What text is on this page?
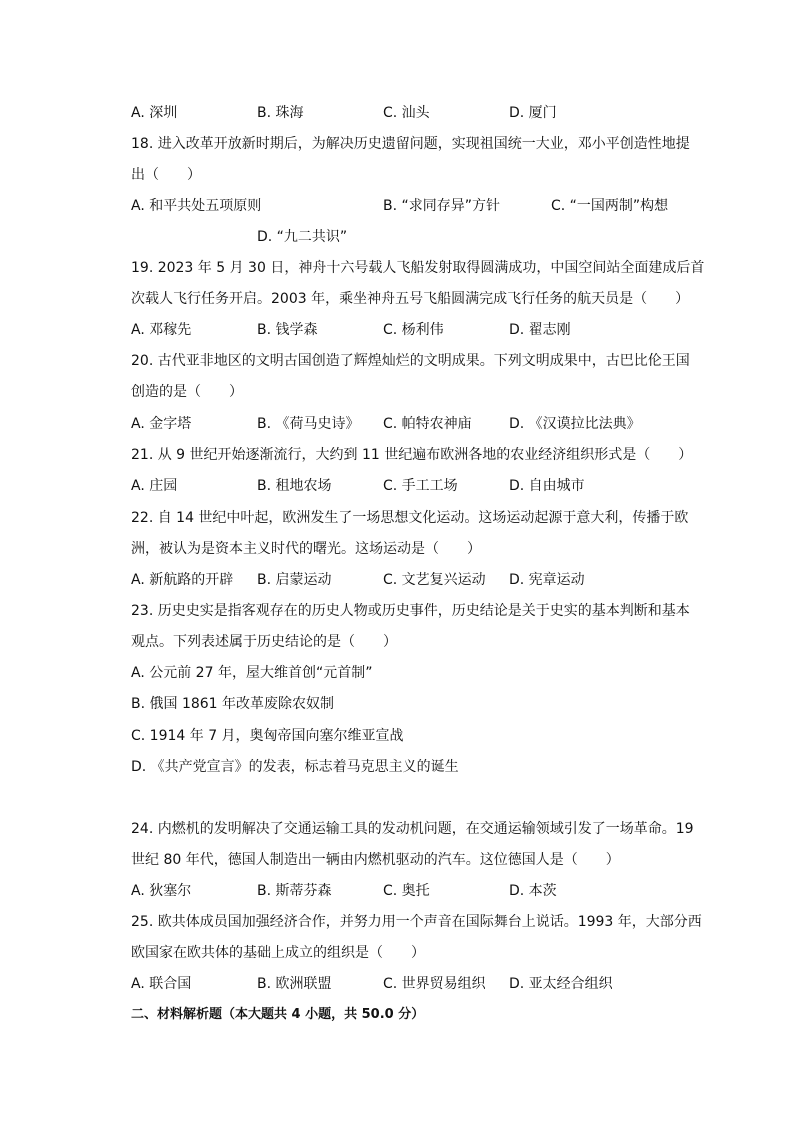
A. 深圳	B. 珠海	C. 汕头	D. 厦门
18. 进入改革开放新时期后，为解决历史遗留问题，实现祖国统一大业，邓小平创造性地提
出（　　）
A. 和平共处五项原则	B. “求同存异”方针	C. “一国两制”构想
D. “九二共识”
19. 2023 年 5 月 30 日，神舟十六号载人飞船发射取得圆满成功，中国空间站全面建成后首
次载人飞行任务开启。2003 年，乘坐神舟五号飞船圆满完成飞行任务的航天员是（　　）
A. 邓稼先	B. 钱学森	C. 杨利伟	D. 翟志刚
20. 古代亚非地区的文明古国创造了辉煌灿烂的文明成果。下列文明成果中，古巴比伦王国
创造的是（　　）
A. 金字塔	B. 《荷马史诗》 C. 帕特农神庙	D. 《汉谟拉比法典》
21. 从 9 世纪开始逐渐流行，大约到 11 世纪遍布欧洲各地的农业经济组织形式是（　　）
A. 庄园	B. 租地农场	C. 手工工场	D. 自由城市
22. 自 14 世纪中叶起，欧洲发生了一场思想文化运动。这场运动起源于意大利，传播于欧
洲，被认为是资本主义时代的曙光。这场运动是（　　）
A. 新航路的开辟 B. 启蒙运动	C. 文艺复兴运动 D. 宪章运动
23. 历史史实是指客观存在的历史人物或历史事件，历史结论是关于史实的基本判断和基本
观点。下列表述属于历史结论的是（　　）
A. 公元前 27 年，屋大维首创“元首制”
B. 俄国 1861 年改革废除农奴制
C. 1914 年 7 月，奥匈帝国向塞尔维亚宣战
D. 《共产党宣言》的发表，标志着马克思主义的诞生
24. 内燃机的发明解决了交通运输工具的发动机问题，在交通运输领域引发了一场革命。19
世纪 80 年代，德国人制造出一辆由内燃机驱动的汽车。这位德国人是（　　）
A. 狄塞尔	B. 斯蒂芬森	C. 奥托	D. 本茨
25. 欧共体成员国加强经济合作，并努力用一个声音在国际舞台上说话。1993 年，大部分西
欧国家在欧共体的基础上成立的组织是（　　）
A. 联合国	B. 欧洲联盟	C. 世界贸易组织 D. 亚太经合组织
二、材料解析题（本大题共 4 小题，共 50.0 分）
